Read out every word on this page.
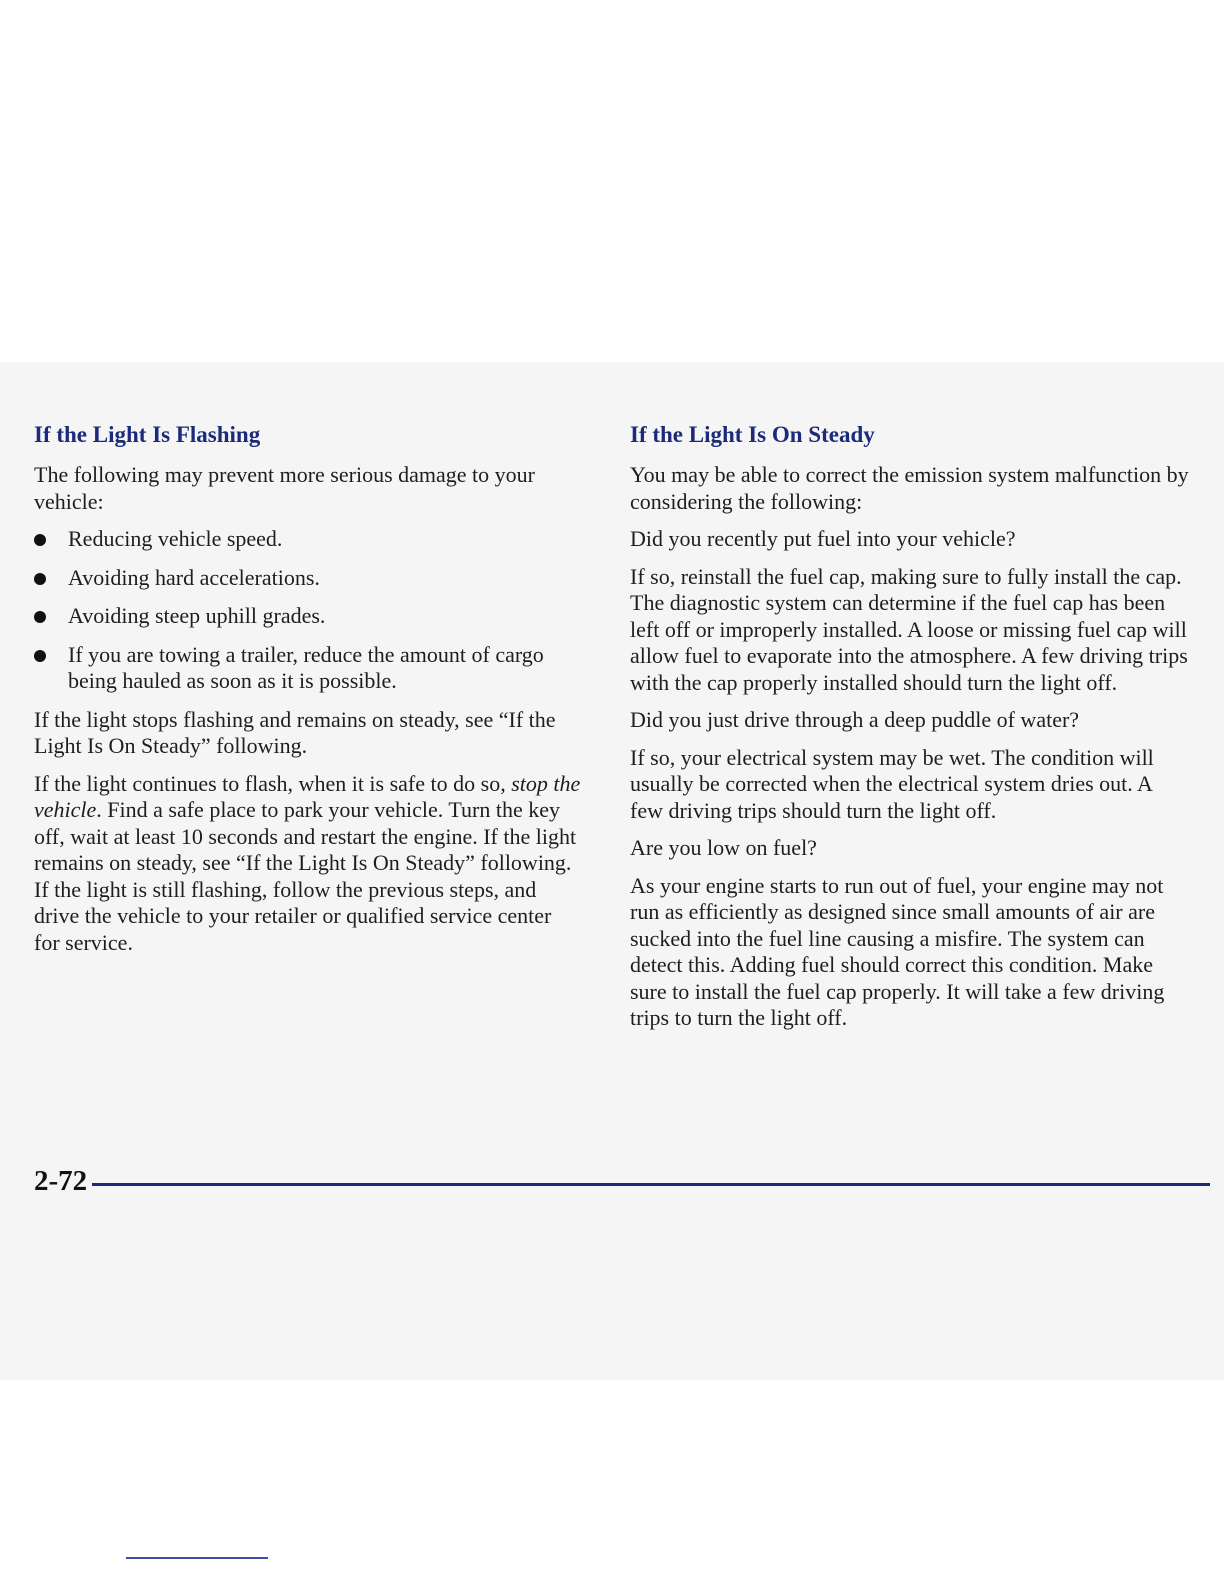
If the Light Is Flashing

The following may prevent more serious damage to your vehicle:

Reducing vehicle speed.
Avoiding hard accelerations.
Avoiding steep uphill grades.
If you are towing a trailer, reduce the amount of cargo being hauled as soon as it is possible.

If the light stops flashing and remains on steady, see “If the Light Is On Steady” following.

If the light continues to flash, when it is safe to do so, stop the vehicle. Find a safe place to park your vehicle. Turn the key off, wait at least 10 seconds and restart the engine. If the light remains on steady, see “If the Light Is On Steady” following. If the light is still flashing, follow the previous steps, and drive the vehicle to your retailer or qualified service center for service.

If the Light Is On Steady

You may be able to correct the emission system malfunction by considering the following:

Did you recently put fuel into your vehicle?

If so, reinstall the fuel cap, making sure to fully install the cap. The diagnostic system can determine if the fuel cap has been left off or improperly installed. A loose or missing fuel cap will allow fuel to evaporate into the atmosphere. A few driving trips with the cap properly installed should turn the light off.

Did you just drive through a deep puddle of water?

If so, your electrical system may be wet. The condition will usually be corrected when the electrical system dries out. A few driving trips should turn the light off.

Are you low on fuel?

As your engine starts to run out of fuel, your engine may not run as efficiently as designed since small amounts of air are sucked into the fuel line causing a misfire. The system can detect this. Adding fuel should correct this condition. Make sure to install the fuel cap properly. It will take a few driving trips to turn the light off.

2-72
